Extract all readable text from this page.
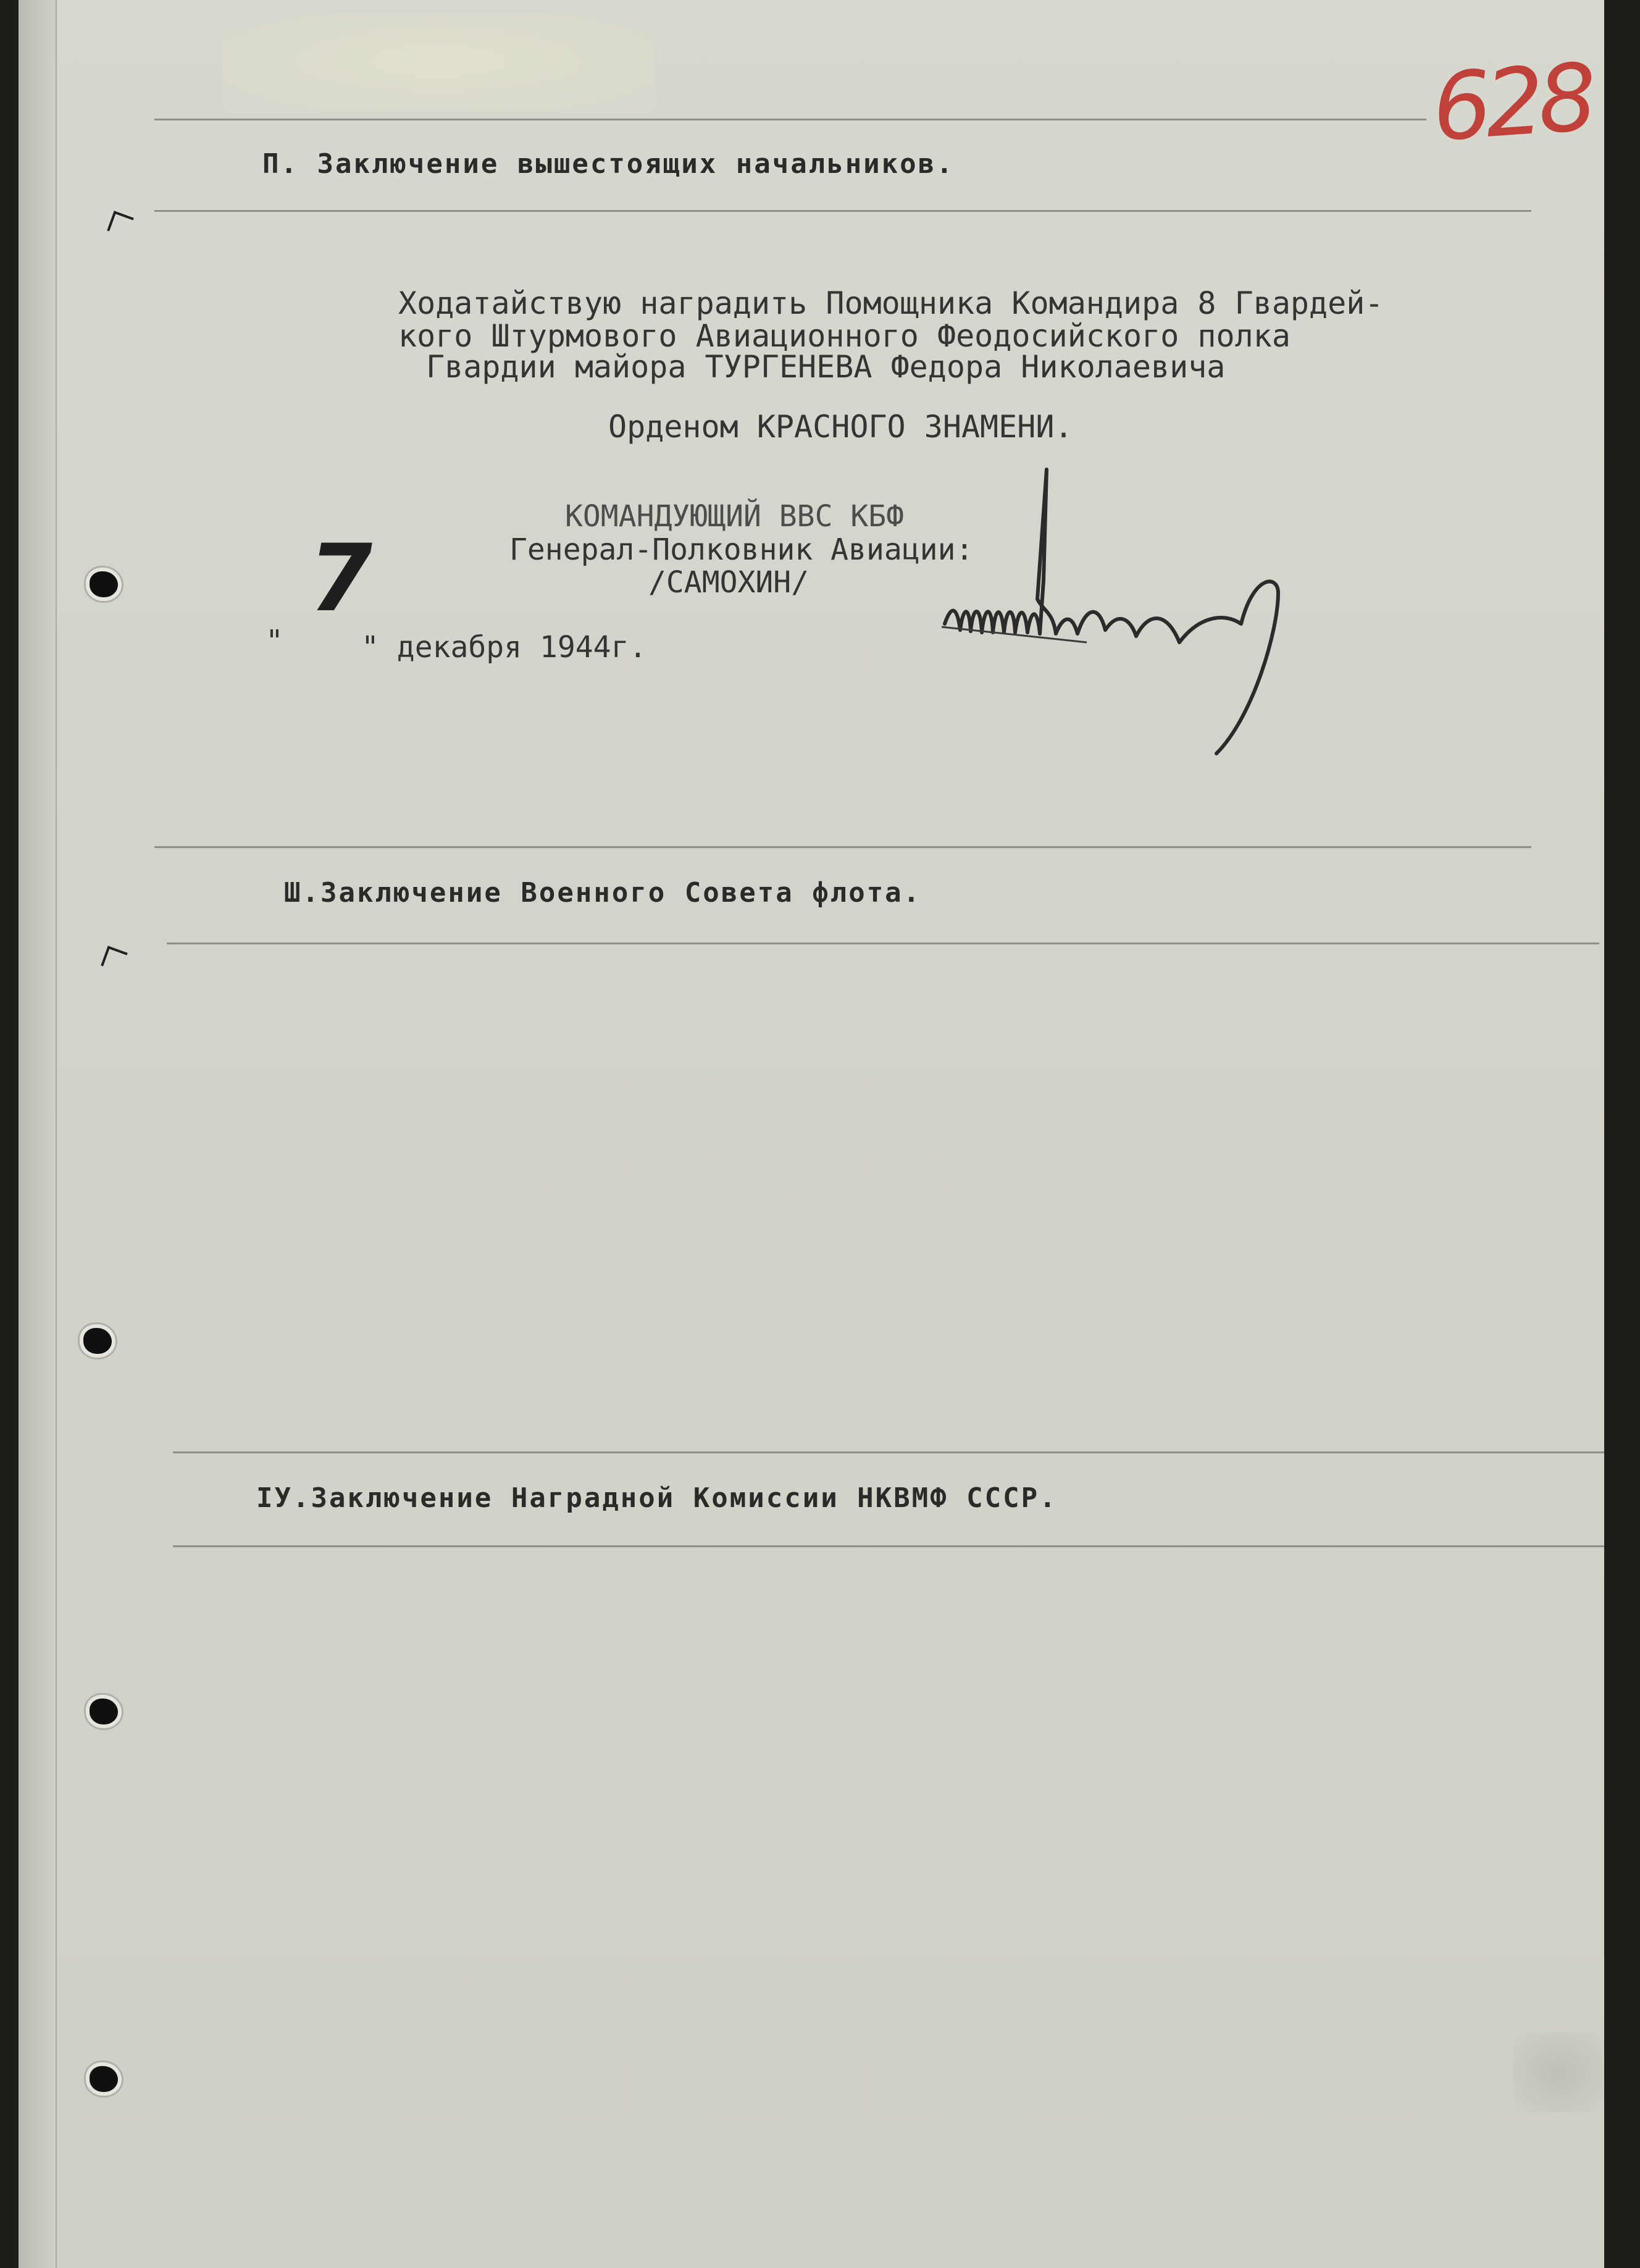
628
П. Заключение вышестоящих начальников.
Ходатайствую наградить Помощника Командира 8 Гвардей-
кого Штурмового Авиационного Феодосийского полка
Гвардии майора ТУРГЕНЕВА Федора Николаевича
Орденом КРАСНОГО ЗНАМЕНИ.
КОМАНДУЮЩИЙ ВВС КБФ
Генерал-Полковник Авиации:
/САМОХИН/
7
"	" декабря 1944г.
Ш.Заключение Военного Совета флота.
IУ.Заключение Наградной Комиссии НКВМФ СССР.
